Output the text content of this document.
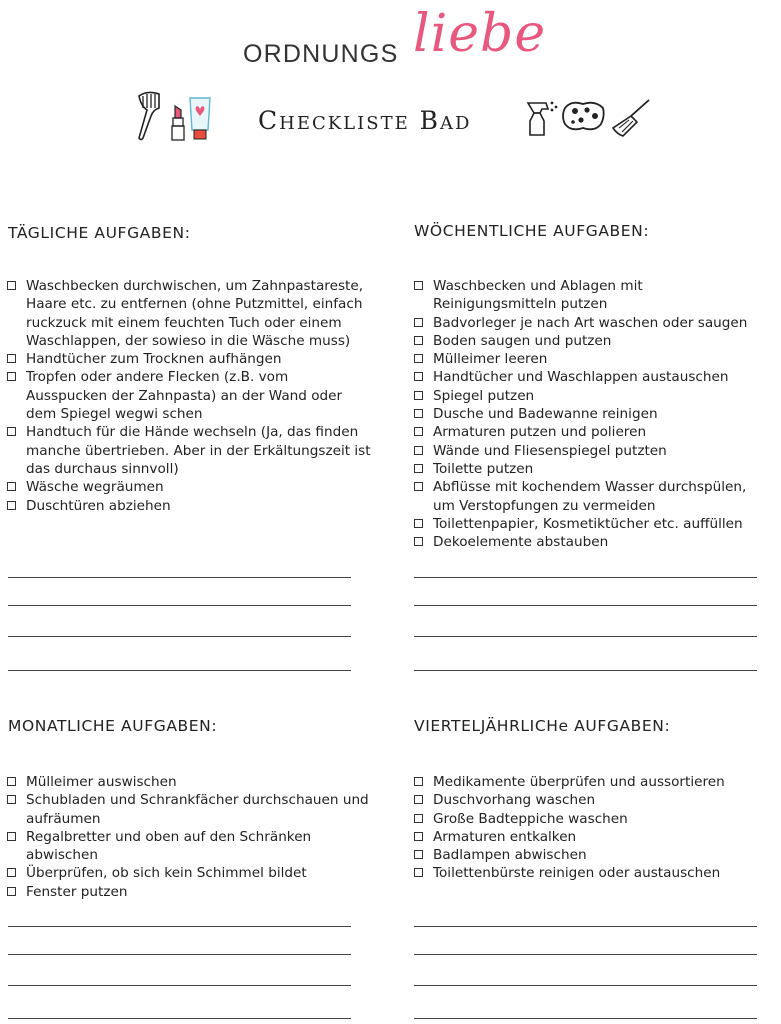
ORDNUNGS liebe
Checkliste Bad
TÄGLICHE AUFGABEN:
Waschbecken durchwischen, um Zahnpastareste, Haare etc. zu entfernen (ohne Putzmittel, einfach ruckzuck mit einem feuchten Tuch oder einem Waschlappen, der sowieso in die Wäsche muss)
Handtücher zum Trocknen aufhängen
Tropfen oder andere Flecken (z.B. vom Ausspucken der Zahnpasta) an der Wand oder dem Spiegel wegwi schen
Handtuch für die Hände wechseln (Ja, das finden manche übertrieben. Aber in der Erkältungszeit ist das durchaus sinnvoll)
Wäsche wegräumen
Duschtüren abziehen
WÖCHENTLICHE AUFGABEN:
Waschbecken und Ablagen mit Reinigungsmitteln putzen
Badvorleger je nach Art waschen oder saugen
Boden saugen und putzen
Mülleimer leeren
Handtücher und Waschlappen austauschen
Spiegel putzen
Dusche und Badewanne reinigen
Armaturen putzen und polieren
Wände und Fliesenspiegel putzten
Toilette putzen
Abflüsse mit kochendem Wasser durchspülen, um Verstopfungen zu vermeiden
Toilettenpapier, Kosmetiktücher etc. auffüllen
Dekoelemente abstauben
MONATLICHE AUFGABEN:
Mülleimer auswischen
Schubladen und Schrankfächer durchschauen und aufräumen
Regalbretter und oben auf den Schränken abwischen
Überprüfen, ob sich kein Schimmel bildet
Fenster putzen
VIERTELJÄHRLICHe AUFGABEN:
Medikamente überprüfen und aussortieren
Duschvorhang waschen
Große Badteppiche waschen
Armaturen entkalken
Badlampen abwischen
Toilettenbürste reinigen oder austauschen
